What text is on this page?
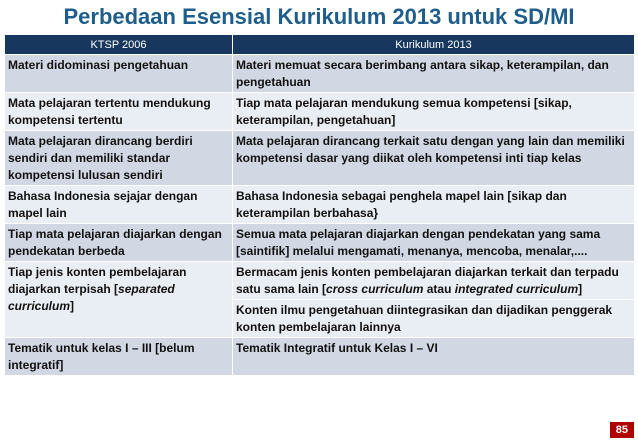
Perbedaan Esensial Kurikulum 2013 untuk SD/MI
KTSP 2006	Kurikulum 2013
Materi didominasi pengetahuan	Materi memuat secara berimbang antara sikap, keterampilan, dan pengetahuan
Mata pelajaran tertentu mendukung kompetensi tertentu	Tiap mata pelajaran mendukung semua kompetensi [sikap, keterampilan, pengetahuan]
Mata pelajaran dirancang berdiri sendiri dan memiliki standar kompetensi lulusan sendiri	Mata pelajaran dirancang terkait satu dengan yang lain dan memiliki kompetensi dasar yang diikat oleh kompetensi inti tiap kelas
Bahasa Indonesia sejajar dengan mapel lain	Bahasa Indonesia sebagai penghela mapel lain [sikap dan keterampilan berbahasa}
Tiap mata pelajaran diajarkan dengan pendekatan berbeda	Semua mata pelajaran diajarkan dengan pendekatan yang sama [saintifik] melalui mengamati, menanya, mencoba, menalar,....
Tiap jenis konten pembelajaran diajarkan terpisah [separated curriculum]	Bermacam jenis konten pembelajaran diajarkan terkait dan terpadu satu sama lain [cross curriculum atau integrated curriculum]
	Konten ilmu pengetahuan diintegrasikan dan dijadikan penggerak konten pembelajaran lainnya
Tematik untuk kelas I – III [belum integratif]	Tematik Integratif untuk Kelas I – VI
85
